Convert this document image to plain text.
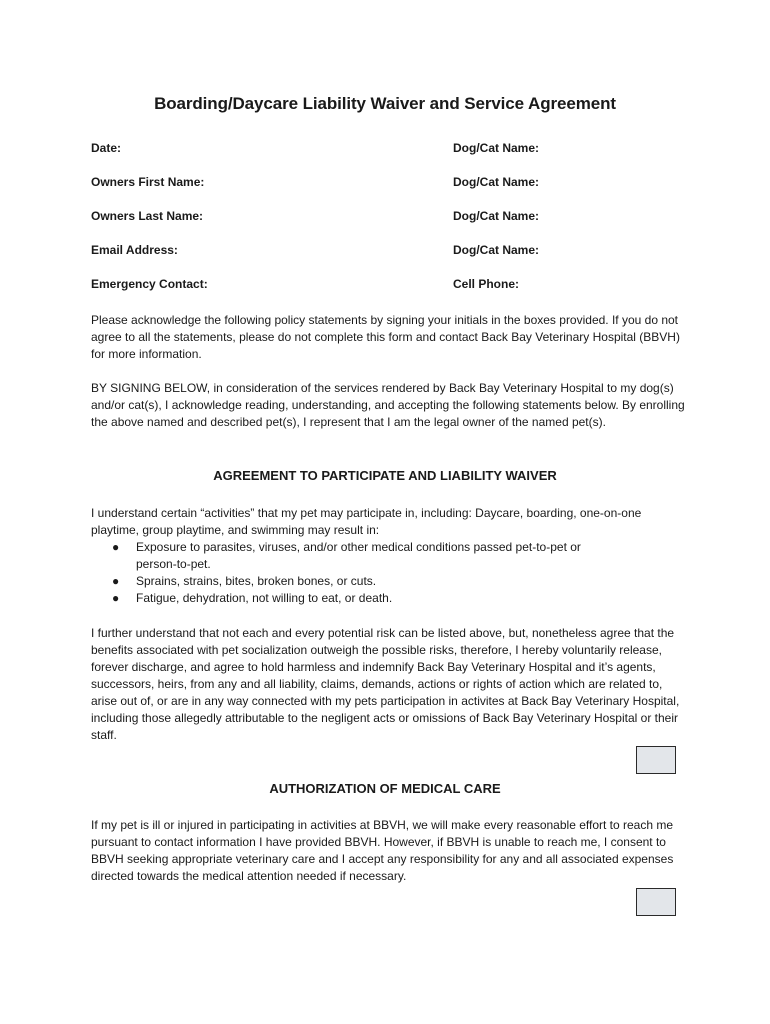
Boarding/Daycare Liability Waiver and Service Agreement
Date:
Owners First Name:
Owners Last Name:
Email Address:
Emergency Contact:
Dog/Cat Name:
Dog/Cat Name:
Dog/Cat Name:
Dog/Cat Name:
Cell Phone:

Please acknowledge the following policy statements by signing your initials in the boxes provided. If you do not agree to all the statements, please do not complete this form and contact Back Bay Veterinary Hospital (BBVH) for more information.

BY SIGNING BELOW, in consideration of the services rendered by Back Bay Veterinary Hospital to my dog(s) and/or cat(s), I acknowledge reading, understanding, and accepting the following statements below. By enrolling the above named and described pet(s), I represent that I am the legal owner of the named pet(s).

AGREEMENT TO PARTICIPATE AND LIABILITY WAIVER

I understand certain “activities” that my pet may participate in, including: Daycare, boarding, one-on-one playtime, group playtime, and swimming may result in:

● Exposure to parasites, viruses, and/or other medical conditions passed pet-to-pet or person-to-pet.
● Sprains, strains, bites, broken bones, or cuts.
● Fatigue, dehydration, not willing to eat, or death.

I further understand that not each and every potential risk can be listed above, but, nonetheless agree that the benefits associated with pet socialization outweigh the possible risks, therefore, I hereby voluntarily release, forever discharge, and agree to hold harmless and indemnify Back Bay Veterinary Hospital and it’s agents, successors, heirs, from any and all liability, claims, demands, actions or rights of action which are related to, arise out of, or are in any way connected with my pets participation in activites at Back Bay Veterinary Hospital, including those allegedly attributable to the negligent acts or omissions of Back Bay Veterinary Hospital or their staff.

AUTHORIZATION OF MEDICAL CARE

If my pet is ill or injured in participating in activities at BBVH, we will make every reasonable effort to reach me pursuant to contact information I have provided BBVH. However, if BBVH is unable to reach me, I consent to BBVH seeking appropriate veterinary care and I accept any responsibility for any and all associated expenses directed towards the medical attention needed if necessary.
